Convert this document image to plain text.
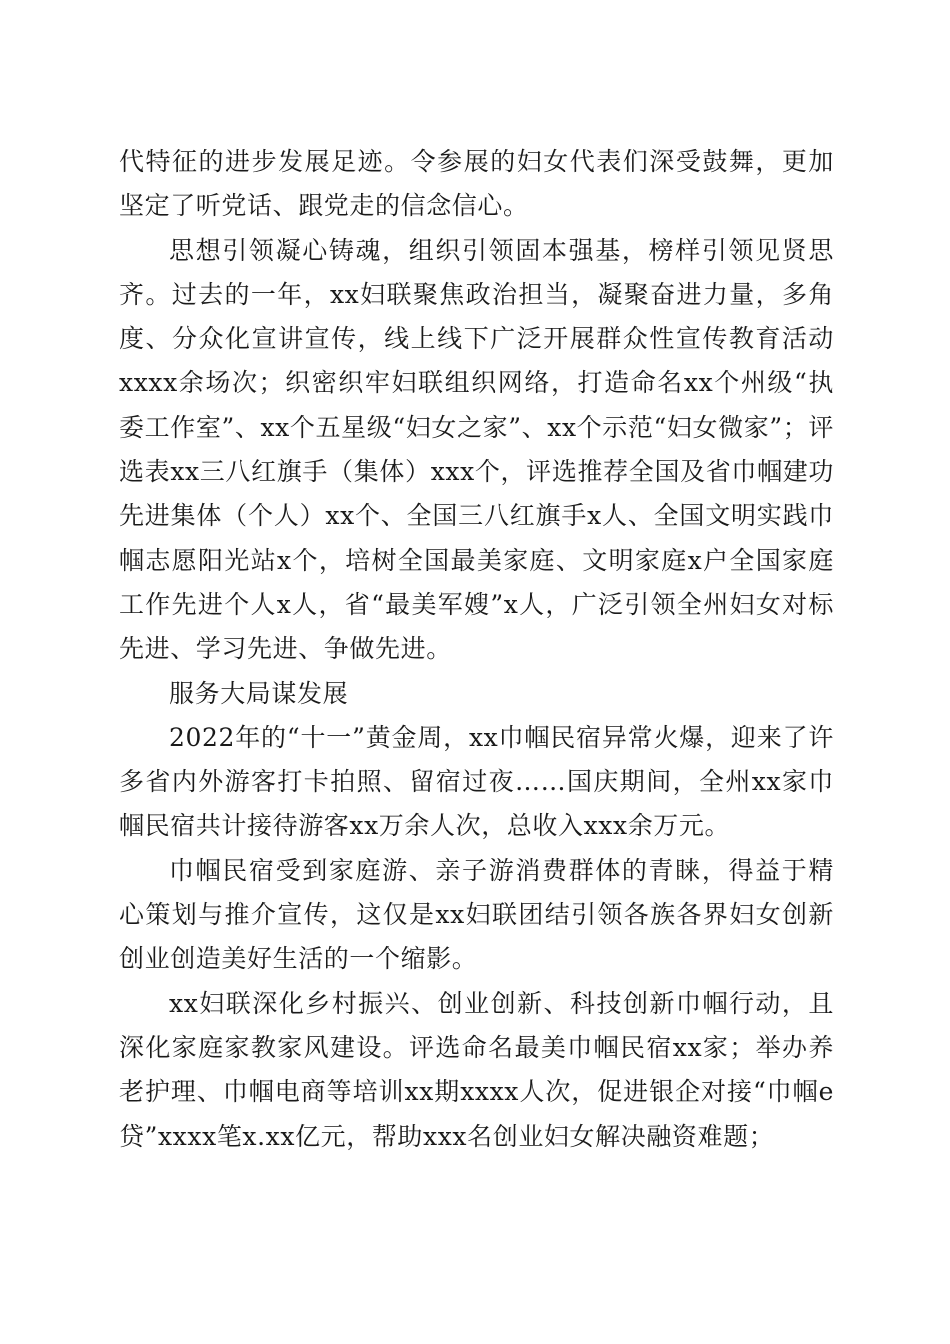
代特征的进步发展足迹。令参展的妇女代表们深受鼓舞，更加坚定了听党话、跟党走的信念信心。

思想引领凝心铸魂，组织引领固本强基，榜样引领见贤思齐。过去的一年，xx妇联聚焦政治担当，凝聚奋进力量，多角度、分众化宣讲宣传，线上线下广泛开展群众性宣传教育活动xxxx余场次；织密织牢妇联组织网络，打造命名xx个州级“执委工作室”、xx个五星级“妇女之家”、xx个示范“妇女微家”；评选表xx三八红旗手（集体）xxx个，评选推荐全国及省巾帼建功先进集体（个人）xx个、全国三八红旗手x人、全国文明实践巾帼志愿阳光站x个，培树全国最美家庭、文明家庭x户全国家庭工作先进个人x人，省“最美军嫂”x人，广泛引领全州妇女对标先进、学习先进、争做先进。

服务大局谋发展

2022年的“十一”黄金周，xx巾帼民宿异常火爆，迎来了许多省内外游客打卡拍照、留宿过夜……国庆期间，全州xx家巾帼民宿共计接待游客xx万余人次，总收入xxx余万元。

巾帼民宿受到家庭游、亲子游消费群体的青睐，得益于精心策划与推介宣传，这仅是xx妇联团结引领各族各界妇女创新创业创造美好生活的一个缩影。

xx妇联深化乡村振兴、创业创新、科技创新巾帼行动，且深化家庭家教家风建设。评选命名最美巾帼民宿xx家；举办养老护理、巾帼电商等培训xx期xxxx人次，促进银企对接“巾帼e贷”xxxx笔x.xx亿元，帮助xxx名创业妇女解决融资难题；
